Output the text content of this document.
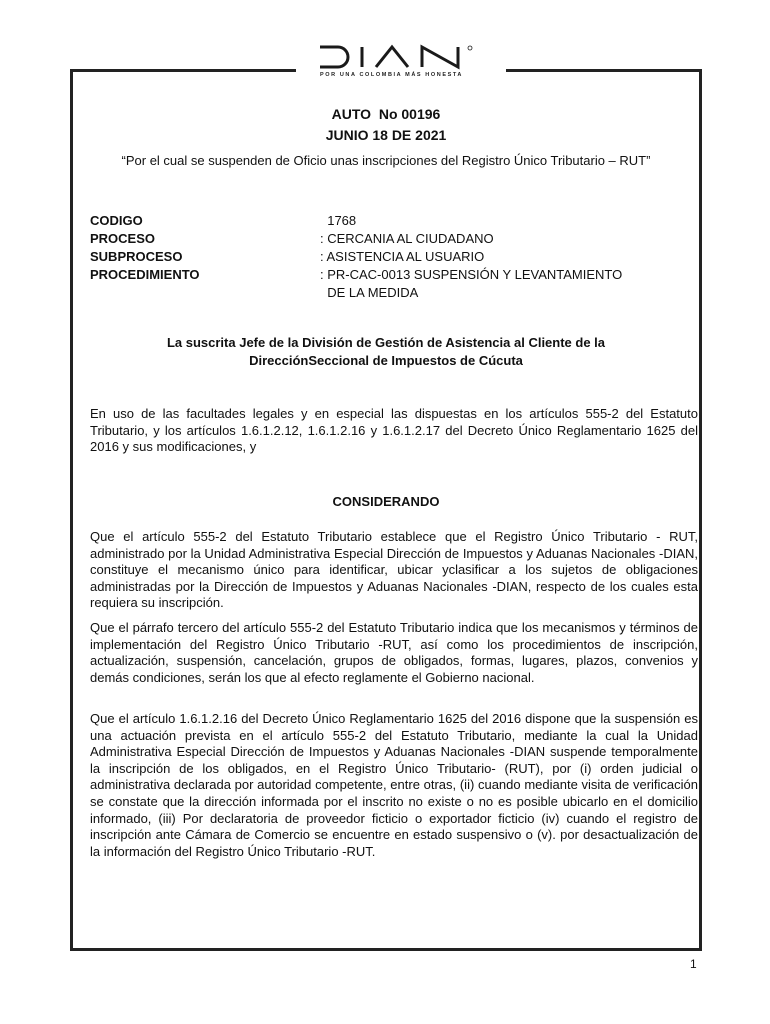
POR UNA COLOMBIA MÁS HONESTA
AUTO  No 00196
JUNIO 18 DE 2021
“Por el cual se suspenden de Oficio unas inscripciones del Registro Único Tributario – RUT”
CODIGO	1768
PROCESO	: CERCANIA AL CIUDADANO
SUBPROCESO	: ASISTENCIA AL USUARIO
PROCEDIMIENTO	: PR-CAC-0013 SUSPENSIÓN Y LEVANTAMIENTO
DE LA MEDIDA
La suscrita Jefe de la División de Gestión de Asistencia al Cliente de la
DirecciónSeccional de Impuestos de Cúcuta
En uso de las facultades legales y en especial las dispuestas en los artículos 555-2 del Estatuto Tributario, y los artículos 1.6.1.2.12, 1.6.1.2.16 y 1.6.1.2.17 del Decreto Único Reglamentario 1625 del 2016 y sus modificaciones, y
CONSIDERANDO
Que el artículo 555-2 del Estatuto Tributario establece que el Registro Único Tributario - RUT, administrado por la Unidad Administrativa Especial Dirección de Impuestos y Aduanas Nacionales -DIAN, constituye el mecanismo único para identificar, ubicar yclasificar a los sujetos de obligaciones administradas por la Dirección de Impuestos y Aduanas Nacionales -DIAN, respecto de los cuales esta requiera su inscripción.
Que el párrafo tercero del artículo 555-2 del Estatuto Tributario indica que los mecanismos y términos de implementación del Registro Único Tributario -RUT, así como los procedimientos de inscripción, actualización, suspensión, cancelación, grupos de obligados, formas, lugares, plazos, convenios y demás condiciones, serán los que al efecto reglamente el Gobierno nacional.
Que el artículo 1.6.1.2.16 del Decreto Único Reglamentario 1625 del 2016 dispone que la suspensión es una actuación prevista en el artículo 555-2 del Estatuto Tributario, mediante la cual la Unidad Administrativa Especial Dirección de Impuestos y Aduanas Nacionales -DIAN suspende temporalmente la inscripción de los obligados, en el Registro Único Tributario- (RUT), por (i) orden judicial o administrativa declarada por autoridad competente, entre otras, (ii) cuando mediante visita de verificación se constate que la dirección informada por el inscrito no existe o no es posible ubicarlo en el domicilio informado, (iii) Por declaratoria de proveedor ficticio o exportador ficticio (iv) cuando el registro de inscripción ante Cámara de Comercio se encuentre en estado suspensivo o (v). por desactualización de la información del Registro Único Tributario -RUT.
1
